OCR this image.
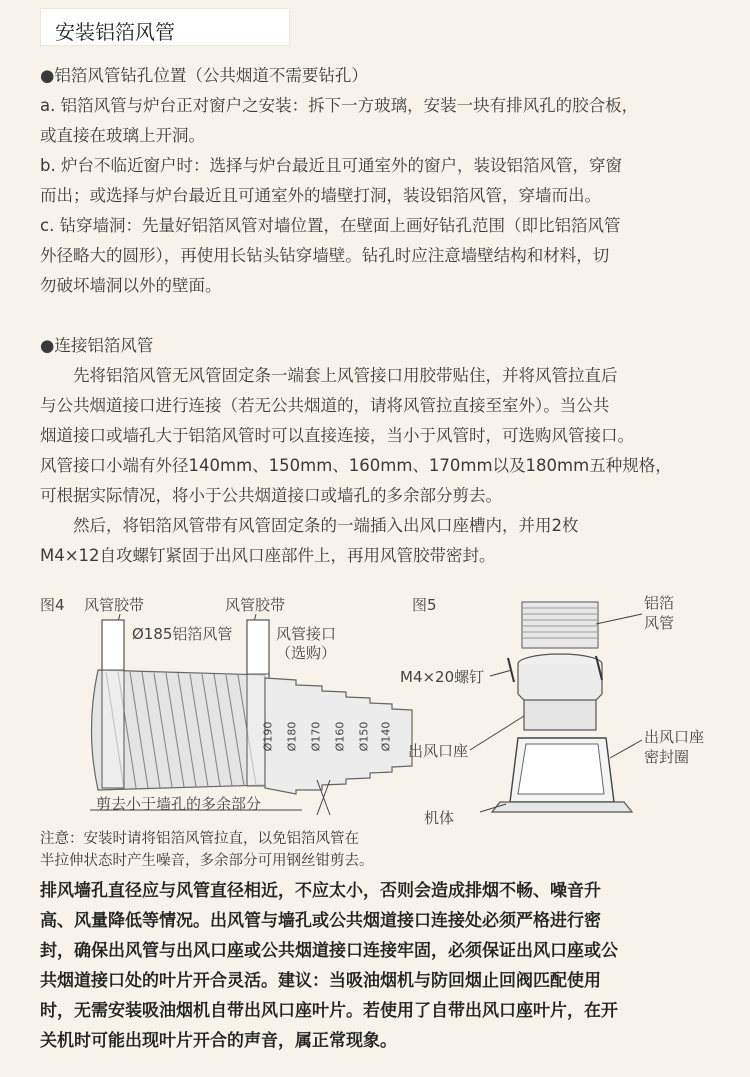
安装铝箔风管
●铝箔风管钻孔位置（公共烟道不需要钻孔）
a. 铝箔风管与炉台正对窗户之安装：拆下一方玻璃，安装一块有排风孔的胶合板，
或直接在玻璃上开洞。
b. 炉台不临近窗户时：选择与炉台最近且可通室外的窗户，装设铝箔风管，穿窗
而出；或选择与炉台最近且可通室外的墙壁打洞，装设铝箔风管，穿墙而出。
c. 钻穿墙洞：先量好铝箔风管对墙位置，在壁面上画好钻孔范围（即比铝箔风管
外径略大的圆形），再使用长钻头钻穿墙壁。钻孔时应注意墙壁结构和材料，切
勿破坏墙洞以外的壁面。
●连接铝箔风管
先将铝箔风管无风管固定条一端套上风管接口用胶带贴住，并将风管拉直后
与公共烟道接口进行连接（若无公共烟道的，请将风管拉直接至室外）。当公共
烟道接口或墙孔大于铝箔风管时可以直接连接，当小于风管时，可选购风管接口。
风管接口小端有外径140mm、150mm、160mm、170mm以及180mm五种规格，
可根据实际情况，将小于公共烟道接口或墙孔的多余部分剪去。
然后，将铝箔风管带有风管固定条的一端插入出风口座槽内，并用2枚
M4×12自攻螺钉紧固于出风口座部件上，再用风管胶带密封。
图4 风管胶带	风管胶带
Ø185铝箔风管	风管接口
（选购）
Ø190 Ø180 Ø170 Ø160 Ø150 Ø140
剪去小于墙孔的多余部分
图5	铝箔
风管
M4×20螺钉
出风口座
出风口座
密封圈
机体
注意：安装时请将铝箔风管拉直，以免铝箔风管在
半拉伸状态时产生噪音，多余部分可用钢丝钳剪去。
排风墙孔直径应与风管直径相近，不应太小，否则会造成排烟不畅、噪音升
高、风量降低等情况。出风管与墙孔或公共烟道接口连接处必须严格进行密
封，确保出风管与出风口座或公共烟道接口连接牢固，必须保证出风口座或公
共烟道接口处的叶片开合灵活。建议：当吸油烟机与防回烟止回阀匹配使用
时，无需安装吸油烟机自带出风口座叶片。若使用了自带出风口座叶片，在开
关机时可能出现叶片开合的声音，属正常现象。
